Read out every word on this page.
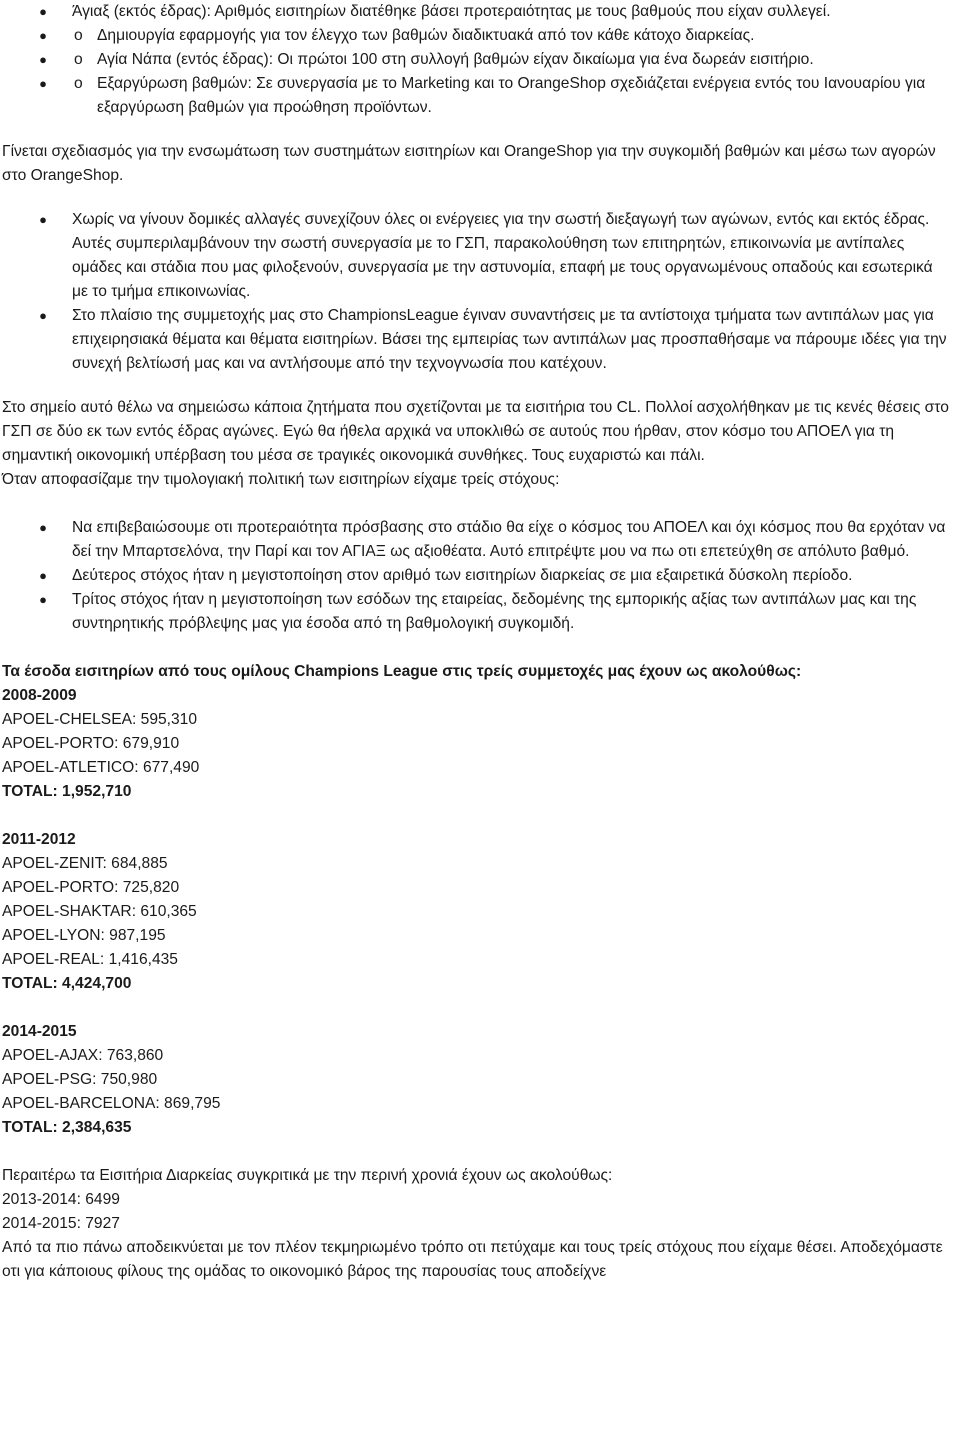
●	Άγιαξ (εκτός έδρας): Αριθμός εισιτηρίων διατέθηκε βάσει προτεραιότητας με τους βαθμούς που είχαν συλλεγεί.
● o Δημιουργία εφαρμογής για τον έλεγχο των βαθμών διαδικτυακά από τον κάθε κάτοχο διαρκείας.
● o Αγία Νάπα (εντός έδρας): Οι πρώτοι 100 στη συλλογή βαθμών είχαν δικαίωμα για ένα δωρεάν εισιτήριο.
● o Εξαργύρωση βαθμών: Σε συνεργασία με το Marketing και το OrangeShop σχεδιάζεται ενέργεια εντός του Ιανουαρίου για εξαργύρωση βαθμών για προώθηση προϊόντων.

Γίνεται σχεδιασμός για την ενσωμάτωση των συστημάτων εισιτηρίων και OrangeShop για την συγκομιδή βαθμών και μέσω των αγορών στο OrangeShop.

●	Χωρίς να γίνουν δομικές αλλαγές συνεχίζουν όλες οι ενέργειες για την σωστή διεξαγωγή των αγώνων, εντός και εκτός έδρας. Αυτές συμπεριλαμβάνουν την σωστή συνεργασία με το ΓΣΠ, παρακολούθηση των επιτηρητών, επικοινωνία με αντίπαλες ομάδες και στάδια που μας φιλοξενούν, συνεργασία με την αστυνομία, επαφή με τους οργανωμένους οπαδούς και εσωτερικά με το τμήμα επικοινωνίας.
●	Στο πλαίσιο της συμμετοχής μας στο ChampionsLeague έγιναν συναντήσεις με τα αντίστοιχα τμήματα των αντιπάλων μας για επιχειρησιακά θέματα και θέματα εισιτηρίων. Βάσει της εμπειρίας των αντιπάλων μας προσπαθήσαμε να πάρουμε ιδέες για την συνεχή βελτίωσή μας και να αντλήσουμε από την τεχνογνωσία που κατέχουν.

Στο σημείο αυτό θέλω να σημειώσω κάποια ζητήματα που σχετίζονται με τα εισιτήρια του CL. Πολλοί ασχολήθηκαν με τις κενές θέσεις στο ΓΣΠ σε δύο εκ των εντός έδρας αγώνες. Εγώ θα ήθελα αρχικά να υποκλιθώ σε αυτούς που ήρθαν, στον κόσμο του ΑΠΟΕΛ για τη σημαντική οικονομική υπέρβαση του μέσα σε τραγικές οικονομικά συνθήκες. Τους ευχαριστώ και πάλι.

Όταν αποφασίζαμε την τιμολογιακή πολιτική των εισιτηρίων είχαμε τρείς στόχους:

●	Να επιβεβαιώσουμε οτι προτεραιότητα πρόσβασης στο στάδιο θα είχε ο κόσμος του ΑΠΟΕΛ και όχι κόσμος που θα ερχόταν να δεί την Μπαρτσελόνα, την Παρί και τον ΑΓΙΑΞ ως αξιοθέατα. Αυτό επιτρέψτε μου να πω οτι επετεύχθη σε απόλυτο βαθμό.
●	Δεύτερος στόχος ήταν η μεγιστοποίηση στον αριθμό των εισιτηρίων διαρκείας σε μια εξαιρετικά δύσκολη περίοδο.
●	Τρίτος στόχος ήταν η μεγιστοποίηση των εσόδων της εταιρείας, δεδομένης της εμπορικής αξίας των αντιπάλων μας και της συντηρητικής πρόβλεψης μας για έσοδα από τη βαθμολογική συγκομιδή.
Τα έσοδα εισιτηρίων από τους ομίλους Champions League στις τρείς συμμετοχές μας έχουν ως ακολούθως:
2008-2009
APOEL-CHELSEA: 595,310
APOEL-PORTO: 679,910
APOEL-ATLETICO: 677,490
TOTAL: 1,952,710
2011-2012
APOEL-ZENIT: 684,885
APOEL-PORTO: 725,820
APOEL-SHAKTAR: 610,365
APOEL-LYON: 987,195
APOEL-REAL: 1,416,435
TOTAL: 4,424,700
2014-2015
APOEL-AJAX: 763,860
APOEL-PSG: 750,980
APOEL-BARCELONA: 869,795
TOTAL: 2,384,635
Περαιτέρω τα Εισιτήρια Διαρκείας συγκριτικά με την περινή χρονιά έχουν ως ακολούθως:
2013-2014: 6499
2014-2015: 7927

Από τα πιο πάνω αποδεικνύεται με τον πλέον τεκμηριωμένο τρόπο οτι πετύχαμε και τους τρείς στόχους που είχαμε θέσει. Αποδεχόμαστε οτι για κάποιους φίλους της ομάδας το οικονομικό βάρος της παρουσίας τους αποδείχνε
